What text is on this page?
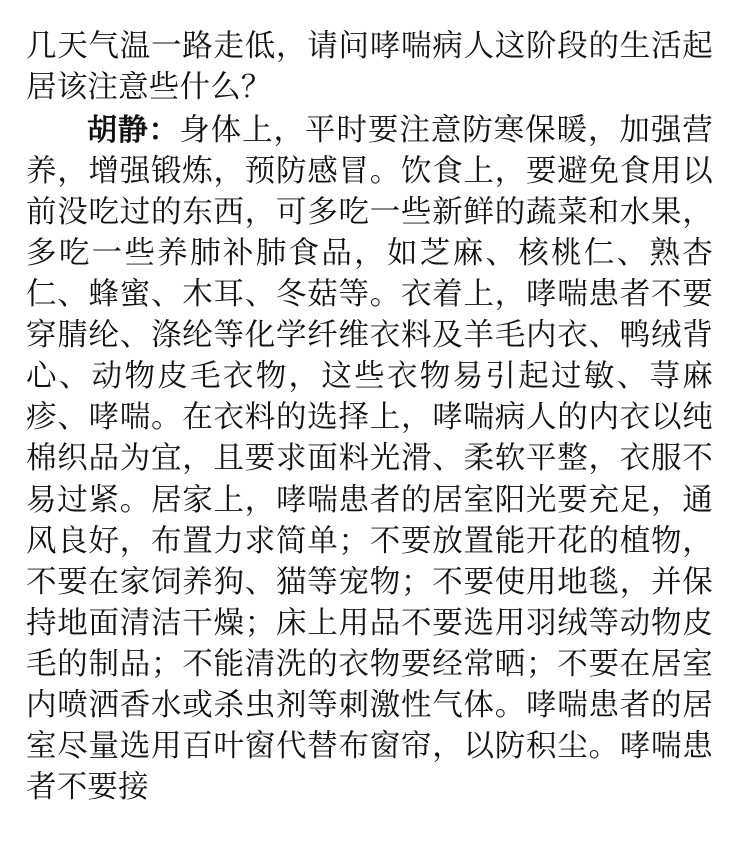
几天气温一路走低，请问哮喘病人这阶段的生活起居该注意些什么？

胡静：身体上，平时要注意防寒保暖，加强营养，增强锻炼，预防感冒。饮食上，要避免食用以前没吃过的东西，可多吃一些新鲜的蔬菜和水果，多吃一些养肺补肺食品，如芝麻、核桃仁、熟杏仁、蜂蜜、木耳、冬菇等。衣着上，哮喘患者不要穿腈纶、涤纶等化学纤维衣料及羊毛内衣、鸭绒背心、动物皮毛衣物，这些衣物易引起过敏、荨麻疹、哮喘。在衣料的选择上，哮喘病人的内衣以纯棉织品为宜，且要求面料光滑、柔软平整，衣服不易过紧。居家上，哮喘患者的居室阳光要充足，通风良好，布置力求简单；不要放置能开花的植物，不要在家饲养狗、猫等宠物；不要使用地毯，并保持地面清洁干燥；床上用品不要选用羽绒等动物皮毛的制品；不能清洗的衣物要经常晒；不要在居室内喷洒香水或杀虫剂等刺激性气体。哮喘患者的居室尽量选用百叶窗代替布窗帘，以防积尘。哮喘患者不要接
